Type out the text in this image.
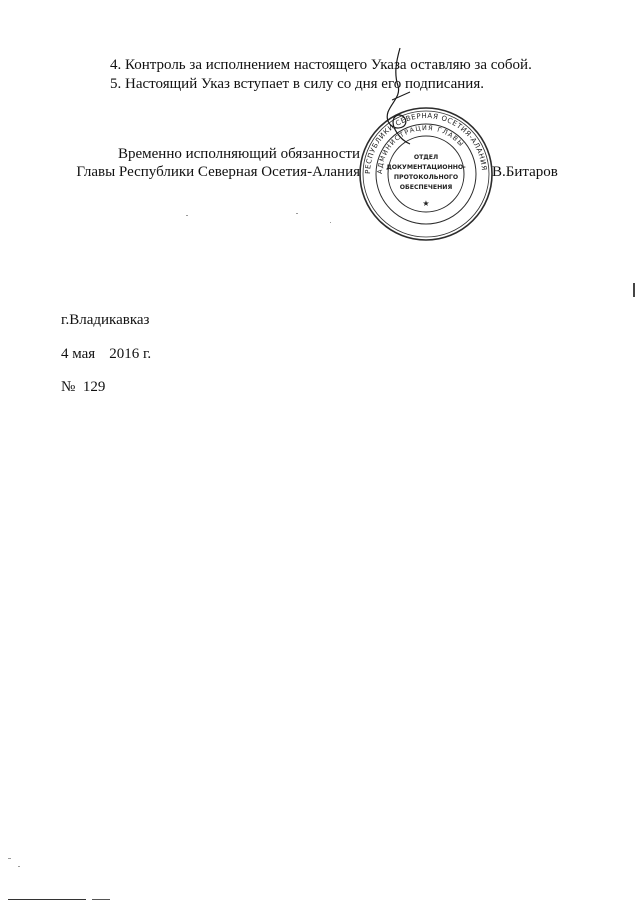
4. Контроль за исполнением настоящего Указа оставляю за собой.
5. Настоящий Указ вступает в силу со дня его подписания.
Временно исполняющий обязанности
Главы Республики Северная Осетия-Алания РЕСПУБЛИКИ СЕВЕРНАЯ ОСЕТИЯ-АЛАНИЯ
АДМИНИСТРАЦИЯ ГЛАВЫ
ОТДЕЛ
ДОКУМЕНТАЦИОННО-
ПРОТОКОЛЬНОГО
ОБЕСПЕЧЕНИЯ
★
В.Битаров
г.Владикавказ
4 мая 2016 г.
№ 129
